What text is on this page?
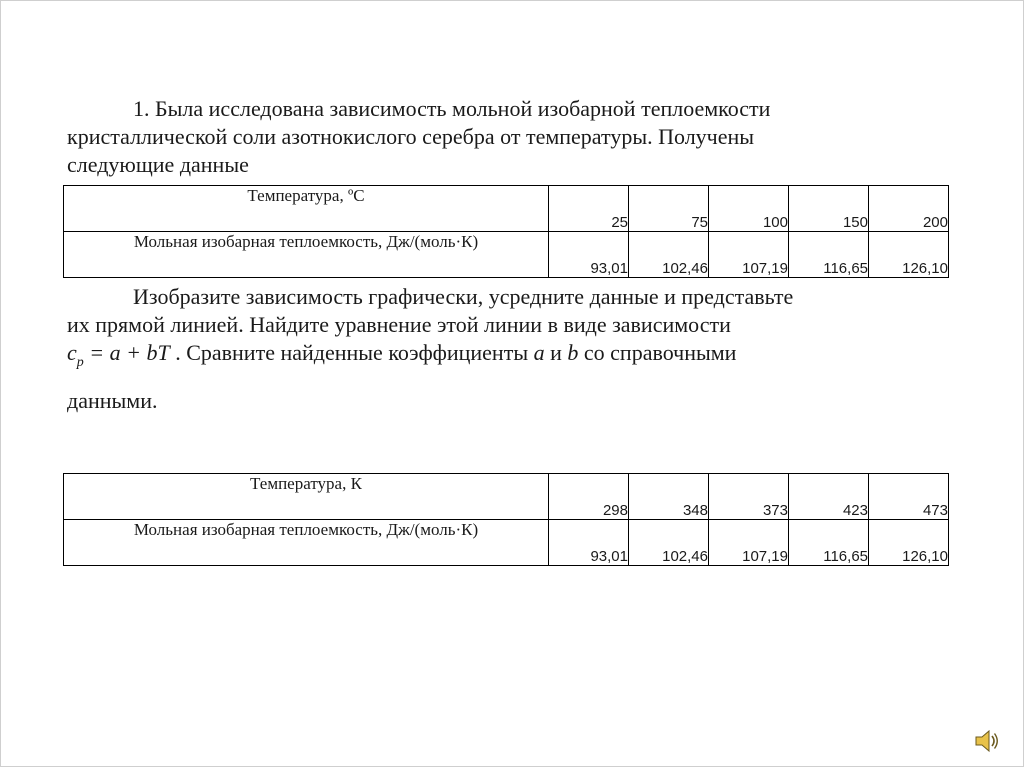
1. Была исследована зависимость мольной изобарной теплоемкости
кристаллической соли азотнокислого серебра от температуры. Получены
следующие данные

Температура, ºС	25	75	100	150	200
Мольная изобарная теплоемкость, Дж/(моль·К)	93,01	102,46	107,19	116,65	126,10

Изобразите зависимость графически, усредните данные и представьте
их прямой линией. Найдите уравнение этой линии в виде зависимости
$c_p = a$ + bT . Сравните найденные коэффициенты a и b со справочными
данными.

Температура, К	298	348	373	423	473
Мольная изобарная теплоемкость, Дж/(моль·К)	93,01	102,46	107,19	116,65	126,10
